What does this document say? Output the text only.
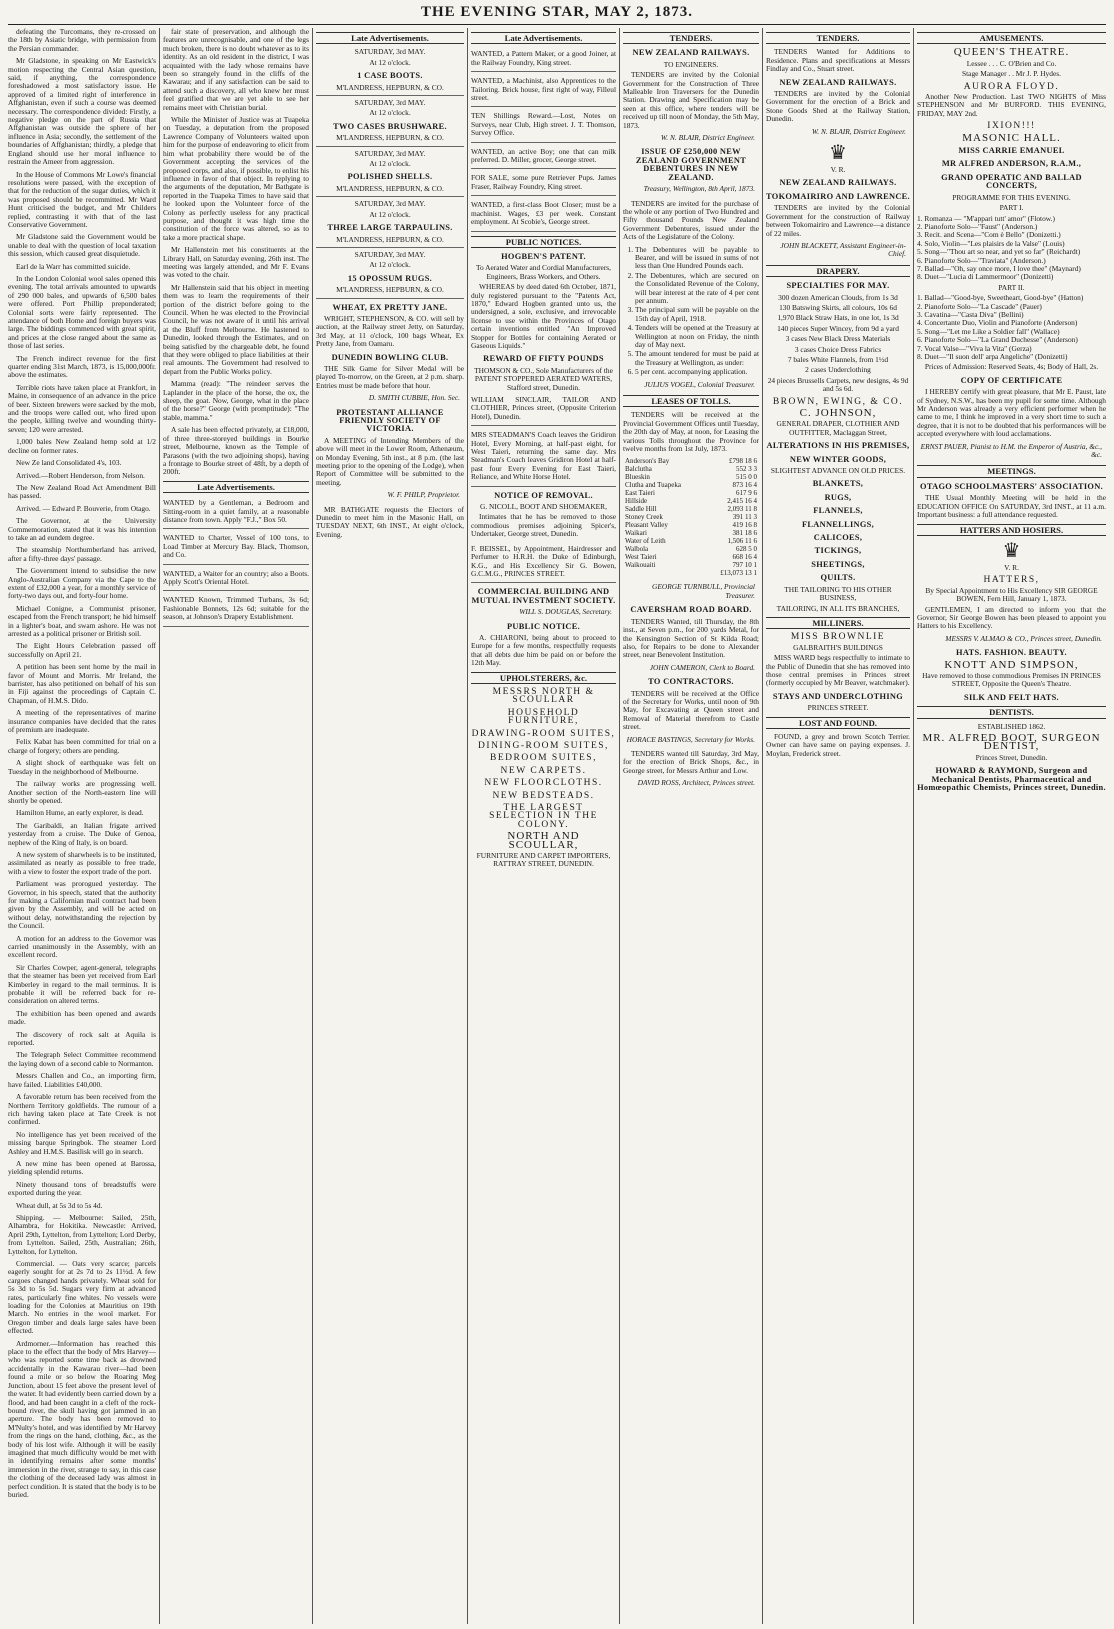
THE EVENING STAR, MAY 2, 1873.

defeating the Turcomans, they re-crossed on the 18th by Asiatic bridge, with permission from the Persian commander.

Mr Gladstone, in speaking on Mr Eastwick's motion respecting the Central Asian question, said, if anything, the correspondence foreshadowed a most satisfactory issue. He approved of a limited right of interference in Affghanistan, even if such a course was deemed necessary. The correspondence divided: Firstly, a negative pledge on the part of Russia that Affghanistan was outside the sphere of her influence in Asia; secondly, the settlement of the boundaries of Affghanistan; thirdly, a pledge that England should use her moral influence to restrain the Ameer from aggression.

In the House of Commons Mr Lowe's financial resolutions were passed, with the exception of that for the reduction of the sugar duties, which it was proposed should be recommitted. Mr Ward Hunt criticised the budget, and Mr Childers replied, contrasting it with that of the last Conservative Government.

Mr Gladstone said the Government would be unable to deal with the question of local taxation this session, which caused great disquietude.

Earl de la Warr has committed suicide.

In the London Colonial wool sales opened this evening. The total arrivals amounted to upwards of 290 000 bales, and upwards of 6,500 bales were offered. Port Phillip preponderated; Colonial sorts were fairly represented. The attendance of both Home and foreign buyers was large. The biddings commenced with great spirit, and prices at the close ranged about the same as those of last series.

The French indirect revenue for the first quarter ending 31st March, 1873, is 15,000,000fr. above the estimates.

Terrible riots have taken place at Frankfort, in Maine, in consequence of an advance in the price of beer. Sixteen brewers were sacked by the mob, and the troops were called out, who fired upon the people, killing twelve and wounding thirty-seven; 120 were arrested.

1,000 bales New Zealand hemp sold at 1/2 decline on former rates.

New Ze land Consolidated 4's, 103.

Arrived.—Robert Henderson, from Nelson.

The New Zealand Road Act Amendment Bill has passed.

Arrived. — Edward P. Bouverie, from Otago.

The Governor, at the University Commemoration, stated that it was his intention to take an ad eundem degree.

The steamship Northumberland has arrived, after a fifty-three days' passage.

The Government intend to subsidise the new Anglo-Australian Company via the Cape to the extent of £32,000 a year, for a monthly service of forty-two days out, and forty-four home.

Michael Conigne, a Communist prisoner, escaped from the French transport; he hid himself in a lighter's boat, and swam ashore. He was not arrested as a political prisoner or British soil.

The Eight Hours Celebration passed off successfully on April 21.

A petition has been sent home by the mail in favor of Mount and Morris. Mr Ireland, the barrister, has also petitioned on behalf of his son in Fiji against the proceedings of Captain C. Chapman, of H.M.S. Dido.

A meeting of the representatives of marine insurance companies have decided that the rates of premium are inadequate.

Felix Kabat has been committed for trial on a charge of forgery; others are pending.

A slight shock of earthquake was felt on Tuesday in the neighborhood of Melbourne.

The railway works are progressing well. Another section of the North-eastern line will shortly be opened.

Hamilton Hume, an early explorer, is dead.

The Garibaldi, an Italian frigate arrived yesterday from a cruise. The Duke of Genoa, nephew of the King of Italy, is on board.

A new system of sharwheels is to be instituted, assimilated as nearly as possible to free trade, with a view to foster the export trade of the port.

Parliament was prorogued yesterday. The Governor, in his speech, stated that the authority for making a Californian mail contract had been given by the Assembly, and will be acted on without delay, notwithstanding the rejection by the Council.

A motion for an address to the Governor was carried unanimously in the Assembly, with an excellent record.

Sir Charles Cowper, agent-general, telegraphs that the steamer has been yet received from Earl Kimberley in regard to the mail terminus. It is probable it will be referred back for re-consideration on altered terms.

The exhibition has been opened and awards made.

The discovery of rock salt at Aquila is reported.

The Telegraph Select Committee recommend the laying down of a second cable to Normanton.

Messrs Challen and Co., an importing firm, have failed. Liabilities £40,000.

A favorable return has been received from the Northern Territory goldfields. The rumour of a rich having taken place at Tate Creek is not confirmed.

No intelligence has yet been received of the missing barque Springbok. The steamer Lord Ashley and H.M.S. Basilisk will go in search.

A new mine has been opened at Barossa, yielding splendid returns.

Ninety thousand tons of breadstuffs were exported during the year.

Wheat dull, at 5s 3d to 5s 4d.

Shipping. — Melbourne: Sailed, 25th, Alhambra, for Hokitika. Newcastle: Arrived, April 29th, Lyttelton, from Lyttelton; Lord Derby, from Lyttelton. Sailed, 25th, Australian; 26th, Lyttelton, for Lyttelton.

Commercial. — Oats very scarce; parcels eagerly sought for at 2s 7d to 2s 11½d. A few cargoes changed hands privately. Wheat sold for 5s 3d to 5s 5d. Sugars very firm at advanced rates, particularly fine whites. No vessels were loading for the Colonies at Mauritius on 19th March. No entries in the wool market. For Oregon timber and deals large sales have been effected.

Ardmorner.—Information has reached this place to the effect that the body of Mrs Harvey—who was reported some time back as drowned accidentally in the Kawarau river—had been found a mile or so below the Roaring Meg Junction, about 15 feet above the present level of the water. It had evidently been carried down by a flood, and had been caught in a cleft of the rock-bound river, the skull having got jammed in an aperture. The body has been removed to M'Nulty's hotel, and was identified by Mr Harvey from the rings on the hand, clothing, &c., as the body of his lost wife. Although it will be easily imagined that much difficulty would be met with in identifying remains after some months' immersion in the river, strange to say, in this case the clothing of the deceased lady was almost in perfect condition. It is stated that the body is to be buried.

fair state of preservation, and although the features are unrecognisable, and one of the legs much broken, there is no doubt whatever as to its identity. As an old resident in the district, I was acquainted with the lady whose remains have been so strangely found in the cliffs of the Kawarau; and if any satisfaction can be said to attend such a discovery, all who knew her must feel gratified that we are yet able to see her remains meet with Christian burial.

While the Minister of Justice was at Tuapeka on Tuesday, a deputation from the proposed Lawrence Company of Volunteers waited upon him for the purpose of endeavoring to elicit from him what probability there would be of the Government accepting the services of the proposed corps, and also, if possible, to enlist his influence in favor of that object. In replying to the arguments of the deputation, Mr Bathgate is reported in the Tuapeka Times to have said that he looked upon the Volunteer force of the Colony as perfectly useless for any practical purpose, and thought it was high time the constitution of the force was altered, so as to take a more practical shape.

Mr Hallenstein met his constituents at the Library Hall, on Saturday evening, 26th inst. The meeting was largely attended, and Mr F. Evans was voted to the chair.

Mr Hallenstein said that his object in meeting them was to learn the requirements of their portion of the district before going to the Council. When he was elected to the Provincial Council, he was not aware of it until his arrival at the Bluff from Melbourne. He hastened to Dunedin, looked through the Estimates, and on being satisfied by the chargeable debt, he found that they were obliged to place liabilities at their real amounts. The Government had resolved to depart from the Public Works policy.

Mamma (read): "The reindeer serves the Laplander in the place of the horse, the ox, the sheep, the goat. Now, George, what in the place of the horse?" George (with promptitude): "The stable, mamma."

A sale has been effected privately, at £18,000, of three three-storeyed buildings in Bourke street, Melbourne, known as the Temple of Parasons (with the two adjoining shops), having a frontage to Bourke street of 48ft, by a depth of 200ft.

Late Advertisements.
WANTED by a Gentleman, a Bedroom and Sitting-room in a quiet family, at a reasonable distance from town. Apply "F.J.," Box 50.
WANTED to Charter, Vessel of 100 tons, to Load Timber at Mercury Bay. Black, Thomson, and Co.
WANTED, a Waiter for an country; also a Boots. Apply Scott's Oriental Hotel.
WANTED Known, Trimmed Turbans, 3s 6d; Fashionable Bonnets, 12s 6d; suitable for the season, at Johnson's Drapery Establishment.
Late Advertisements.
SATURDAY, 3rd MAY.
At 12 o'clock.
1 CASE BOOTS.
M'LANDRESS, HEPBURN, & CO.
SATURDAY, 3rd MAY.
At 12 o'clock.
TWO CASES BRUSHWARE.
M'LANDRESS, HEPBURN, & CO.
SATURDAY, 3rd MAY.
At 12 o'clock.
POLISHED SHELLS.
M'LANDRESS, HEPBURN, & CO.
SATURDAY, 3rd MAY.
At 12 o'clock.
THREE LARGE TARPAULINS.
M'LANDRESS, HEPBURN, & CO.
SATURDAY, 3rd MAY.
At 12 o'clock.
15 OPOSSUM RUGS.
M'LANDRESS, HEPBURN, & CO.
WHEAT, EX PRETTY JANE.

WRIGHT, STEPHENSON, & CO. will sell by auction, at the Railway street Jetty, on Saturday, 3rd May, at 11 o'clock, 100 bags Wheat, Ex Pretty Jane, from Oamaru.

DUNEDIN BOWLING CLUB.

THE Silk Game for Silver Medal will be played To-morrow, on the Green, at 2 p.m. sharp. Entries must be made before that hour.

D. SMITH CUBBIE, Hon. Sec.
PROTESTANT ALLIANCE FRIENDLY SOCIETY OF VICTORIA.

A MEETING of Intending Members of the above will meet in the Lower Room, Athenæum, on Monday Evening, 5th inst., at 8 p.m. (the last meeting prior to the opening of the Lodge), when Report of Committee will be submitted to the meeting.

W. F. PHILP, Proprietor.

MR BATHGATE requests the Electors of Dunedin to meet him in the Masonic Hall, on TUESDAY NEXT, 6th INST., At eight o'clock, Evening.

Late Advertisements.
WANTED, a Pattern Maker, or a good Joiner, at the Railway Foundry, King street.
WANTED, a Machinist, also Apprentices to the Tailoring. Brick house, first right of way, Filleul street.
TEN Shillings Reward.—Lost, Notes on Surveys, near Club, High street. J. T. Thomson, Survey Office.
WANTED, an active Boy; one that can milk preferred. D. Miller, grocer, George street.
FOR SALE, some pure Retriever Pups. James Fraser, Railway Foundry, King street.
WANTED, a first-class Boot Closer; must be a machinist. Wages, £3 per week. Constant employment. At Scobie's, George street.
PUBLIC NOTICES.
HOGBEN'S PATENT.
To Aerated Water and Cordial Manufacturers, Engineers, Brass Workers, and Others.

WHEREAS by deed dated 6th October, 1871, duly registered pursuant to the "Patents Act, 1870," Edward Hogben granted unto us, the undersigned, a sole, exclusive, and irrevocable license to use within the Provinces of Otago certain inventions entitled "An Improved Stopper for Bottles for containing Aerated or Gaseous Liquids."

REWARD OF FIFTY POUNDS
THOMSON & CO., Sole Manufacturers of the PATENT STOPPERED AERATED WATERS, Stafford street, Dunedin.
WILLIAM SINCLAIR, TAILOR AND CLOTHIER, Princes street, (Opposite Criterion Hotel), Dunedin.
MRS STEADMAN'S Coach leaves the Gridiron Hotel, Every Morning, at half-past eight, for West Taieri, returning the same day. Mrs Steadman's Coach leaves Gridiron Hotel at half-past four Every Evening for East Taieri, Reliance, and White Horse Hotel.
NOTICE OF REMOVAL.
G. NICOLL, BOOT AND SHOEMAKER,

Intimates that he has be removed to those commodious premises adjoining Spicer's, Undertaker, George street, Dunedin.

F. BEISSEL, by Appointment, Hairdresser and Perfumer to H.R.H. the Duke of Edinburgh, K.G., and His Excellency Sir G. Bowen, G.C.M.G., PRINCES STREET.
COMMERCIAL BUILDING AND MUTUAL INVESTMENT SOCIETY.
WILL S. DOUGLAS, Secretary.
PUBLIC NOTICE.

A. CHIARONI, being about to proceed to Europe for a few months, respectfully requests that all debts due him be paid on or before the 12th May.

UPHOLSTERERS, &c.
MESSRS NORTH & SCOULLAR
HOUSEHOLD FURNITURE,
DRAWING-ROOM SUITES,
DINING-ROOM SUITES,
BEDROOM SUITES,
NEW CARPETS.
NEW FLOORCLOTHS.
NEW BEDSTEADS.
THE LARGEST SELECTION IN THE COLONY.
NORTH AND SCOULLAR,
FURNITURE AND CARPET IMPORTERS, RATTRAY STREET, DUNEDIN.
TENDERS.
NEW ZEALAND RAILWAYS.
TO ENGINEERS.

TENDERS are invited by the Colonial Government for the Construction of Three Malleable Iron Traversers for the Dunedin Station. Drawing and Specification may be seen at this office, where tenders will be received up till noon of Monday, the 5th May, 1873.

W. N. BLAIR, District Engineer.
ISSUE OF £250,000 NEW ZEALAND GOVERNMENT DEBENTURES IN NEW ZEALAND.
Treasury, Wellington, 8th April, 1873.

TENDERS are invited for the purchase of the whole or any portion of Two Hundred and Fifty thousand Pounds New Zealand Government Debentures, issued under the Acts of the Legislature of the Colony.

1. The Debentures will be payable to Bearer, and will be issued in sums of not less than One Hundred Pounds each.
2. The Debentures, which are secured on the Consolidated Revenue of the Colony, will bear interest at the rate of 4 per cent per annum.
3. The principal sum will be payable on the 15th day of April, 1918.
4. Tenders will be opened at the Treasury at Wellington at noon on Friday, the ninth day of May next.
5. The amount tendered for must be paid at the Treasury at Wellington, as under:
6. 5 per cent. accompanying application.
JULIUS VOGEL, Colonial Treasurer.
LEASES OF TOLLS.

TENDERS will be received at the Provincial Government Offices until Tuesday, the 20th day of May, at noon, for Leasing the various Tolls throughout the Province for twelve months from 1st July, 1873.

Anderson's Bay	£798 18 6
Balclutha	552 3 3
Blueskin	515 0 0
Clutha and Tuapeka	873 16 4
East Taieri	617 9 6
Hillside	2,415 16 4
Saddle Hill	2,093 11 8
Stoney Creek	391 11 3
Pleasant Valley	419 16 8
Waikari	381 18 6
Water of Leith	1,506 11 6
Walbola	628 5 0
West Taieri	668 16 4
Waikouaiti	797 10 1
	£13,073 13 1
GEORGE TURNBULL, Provincial Treasurer.
CAVERSHAM ROAD BOARD.

TENDERS Wanted, till Thursday, the 8th inst., at Seven p.m., for 200 yards Metal, for the Kensington Section of St Kilda Road; also, for Repairs to be done to Alexander street, near Benevolent Institution.

JOHN CAMERON, Clerk to Board.
TO CONTRACTORS.

TENDERS will be received at the Office of the Secretary for Works, until noon of 9th May, for Excavating at Queen street and Removal of Material therefrom to Castle street.

HORACE BASTINGS, Secretary for Works.

TENDERS wanted till Saturday, 3rd May, for the erection of Brick Shops, &c., in George street, for Messrs Arthur and Low.

DAVID ROSS, Architect, Princes street.
TENDERS.

TENDERS Wanted for Additions to Residence. Plans and specifications at Messrs Findlay and Co., Stuart street.

NEW ZEALAND RAILWAYS.

TENDERS are invited by the Colonial Government for the erection of a Brick and Stone Goods Shed at the Railway Station, Dunedin.

W. N. BLAIR, District Engineer.
♛
V. R.
NEW ZEALAND RAILWAYS.
TOKOMAIRIRO AND LAWRENCE.

TENDERS are invited by the Colonial Government for the construction of Railway between Tokomairiro and Lawrence—a distance of 22 miles.

JOHN BLACKETT, Assistant Engineer-in-Chief.
DRAPERY.
SPECIALTIES FOR MAY.
300 dozen American Clouds, from 1s 3d
130 Batswing Skirts, all colours, 10s 6d
1,970 Black Straw Hats, in one lot, 1s 3d
140 pieces Super Wincey, from 9d a yard
3 cases New Black Dress Materials
3 cases Choice Dress Fabrics
7 bales White Flannels, from 1½d
2 cases Underclothing
24 pieces Brussells Carpets, new designs, 4s 9d and 5s 6d.
BROWN, EWING, & CO.
C. JOHNSON,
GENERAL DRAPER, CLOTHIER AND OUTFITTER, Maclaggan Street,
ALTERATIONS IN HIS PREMISES,
NEW WINTER GOODS,
SLIGHTEST ADVANCE ON OLD PRICES.
BLANKETS,
RUGS,
FLANNELS,
FLANNELLINGS,
CALICOES,
TICKINGS,
SHEETINGS,
QUILTS.
THE TAILORING TO HIS OTHER BUSINESS,
TAILORING, IN ALL ITS BRANCHES,
MILLINERS.
MISS BROWNLIE
GALBRAITH'S BUILDINGS

MISS WARD begs respectfully to intimate to the Public of Dunedin that she has removed into those central premises in Princes street (formerly occupied by Mr Beaver, watchmaker).

STAYS AND UNDERCLOTHING
PRINCES STREET.
LOST AND FOUND.

FOUND, a grey and brown Scotch Terrier. Owner can have same on paying expenses. J. Moylan, Frederick street.

AMUSEMENTS.
QUEEN'S THEATRE.
Lessee . . . C. O'Brien and Co.
Stage Manager . . Mr J. P. Hydes.
AURORA FLOYD.

Another New Production. Last TWO NIGHTS of Miss STEPHENSON and Mr BURFORD. THIS EVENING, FRIDAY, MAY 2nd.

IXION!!!
MASONIC HALL.
MISS CARRIE EMANUEL
MR ALFRED ANDERSON, R.A.M.,
GRAND OPERATIC AND BALLAD CONCERTS,
PROGRAMME FOR THIS EVENING.
PART I.
1. Romanza — "M'appari tutt' amor" (Flotow.)
2. Pianoforte Solo—"Faust" (Anderson.)
3. Recit. and Scena—"Com è Bello" (Donizetti.)
4. Solo, Violin—"Les plaisirs de la Valse" (Louis)
5. Song—"Thou art so near, and yet so far" (Reichardt)
6. Pianoforte Solo—"Traviata" (Anderson.)
7. Ballad—"Oh, say once more, I love thee" (Maynard)
8. Duet—"Lucia di Lammermoor" (Donizetti)
PART II.
1. Ballad—"Good-bye, Sweetheart, Good-bye" (Hatton)
2. Pianoforte Solo—"La Cascade" (Pauer)
3. Cavatina—"Casta Diva" (Bellini)
4. Concertante Duo, Violin and Pianoforte (Anderson)
5. Song—"Let me Like a Soldier fall" (Wallace)
6. Pianoforte Solo—"La Grand Duchesse" (Anderson)
7. Vocal Valse—"Viva la Vita" (Gerza)
8. Duet—"Il suon dell' arpa Angeliche" (Donizetti)
Prices of Admission: Reserved Seats, 4s; Body of Hall, 2s.
COPY OF CERTIFICATE

I HEREBY certify with great pleasure, that Mr E. Paust, late of Sydney, N.S.W., has been my pupil for some time. Although Mr Anderson was already a very efficient performer when he came to me, I think he improved in a very short time to such a degree, that it is not to be doubted that his performances will be accepted everywhere with loud acclamations.

ERNST PAUER, Pianist to H.M. the Emperor of Austria, &c., &c.
MEETINGS.
OTAGO SCHOOLMASTERS' ASSOCIATION.

THE Usual Monthly Meeting will be held in the EDUCATION OFFICE On SATURDAY, 3rd INST., at 11 a.m. Important business: a full attendance requested.

HATTERS AND HOSIERS.
♛
V. R.
HATTERS,
By Special Appointment to His Excellency SIR GEORGE BOWEN, Fern Hill, January 1, 1873.

GENTLEMEN, I am directed to inform you that the Governor, Sir George Bowen has been pleased to appoint you Hatters to his Excellency.

MESSRS V. ALMAO & CO., Princes street, Dunedin.
HATS. FASHION. BEAUTY.
KNOTT AND SIMPSON,
Have removed to those commodious Premises IN PRINCES STREET, Opposite the Queen's Theatre.
SILK AND FELT HATS.
DENTISTS.
ESTABLISHED 1862.
MR. ALFRED BOOT, SURGEON DENTIST,
Princes Street, Dunedin.
HOWARD & RAYMOND, Surgeon and Mechanical Dentists, Pharmaceutical and Homœopathic Chemists, Princes street, Dunedin.
